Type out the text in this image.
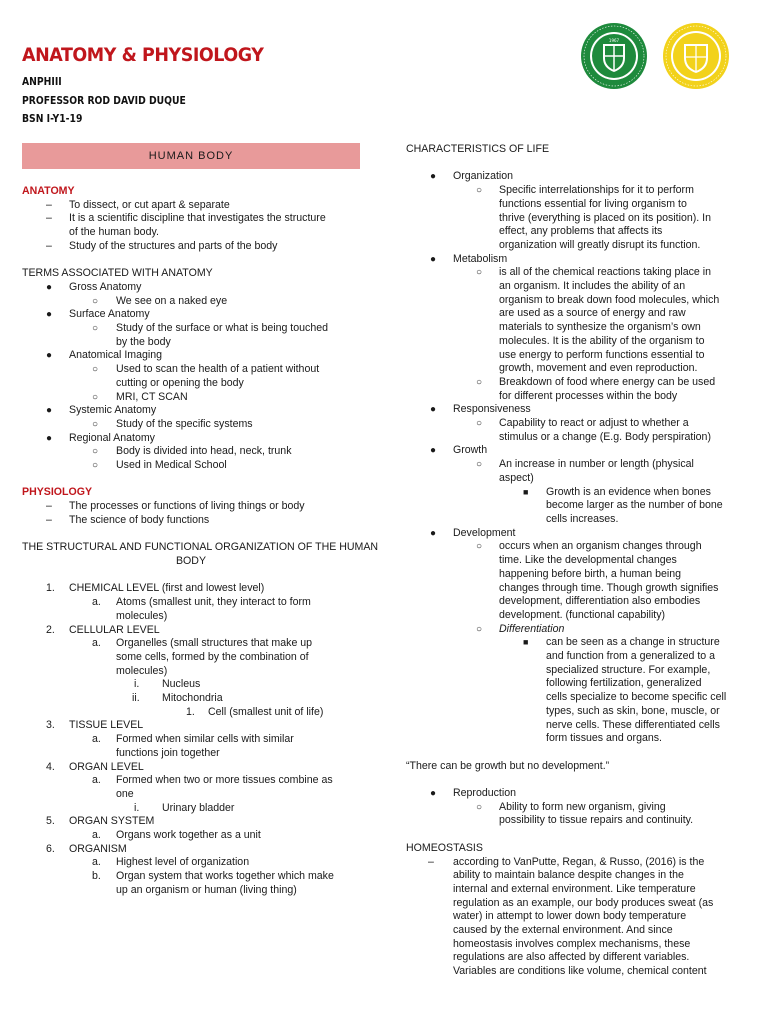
ANATOMY & PHYSIOLOGY
ANPHIII
PROFESSOR ROD DAVID DUQUE
BSN I-Y1-19
1967
HUMAN BODY

ANATOMY

– To dissect, or cut apart & separate

– It is a scientific discipline that investigates the structure

of the human body.

– Study of the structures and parts of the body

TERMS ASSOCIATED WITH ANATOMY

● Gross Anatomy

○ We see on a naked eye

● Surface Anatomy

○ Study of the surface or what is being touched

by the body

● Anatomical Imaging

○ Used to scan the health of a patient without

cutting or opening the body

○ MRI, CT SCAN

● Systemic Anatomy

○ Study of the specific systems

● Regional Anatomy

○ Body is divided into head, neck, trunk

○ Used in Medical School

PHYSIOLOGY

– The processes or functions of living things or body

– The science of body functions

THE STRUCTURAL AND FUNCTIONAL ORGANIZATION OF THE HUMAN

BODY

1. CHEMICAL LEVEL (first and lowest level)

a. Atoms (smallest unit, they interact to form

molecules)

2. CELLULAR LEVEL

a. Organelles (small structures that make up

some cells, formed by the combination of

molecules)

i. Nucleus

ii. Mitochondria

1. Cell (smallest unit of life)

3. TISSUE LEVEL

a. Formed when similar cells with similar

functions join together

4. ORGAN LEVEL

a. Formed when two or more tissues combine as

one

i. Urinary bladder

5. ORGAN SYSTEM

a. Organs work together as a unit

6. ORGANISM

a. Highest level of organization

b. Organ system that works together which make

up an organism or human (living thing)

CHARACTERISTICS OF LIFE

● Organization

○ Specific interrelationships for it to perform

functions essential for living organism to

thrive (everything is placed on its position). In

effect, any problems that affects its

organization will greatly disrupt its function.

● Metabolism

○ is all of the chemical reactions taking place in

an organism. It includes the ability of an

organism to break down food molecules, which

are used as a source of energy and raw

materials to synthesize the organism’s own

molecules. It is the ability of the organism to

use energy to perform functions essential to

growth, movement and even reproduction.

○ Breakdown of food where energy can be used

for different processes within the body

● Responsiveness

○ Capability to react or adjust to whether a

stimulus or a change (E.g. Body perspiration)

● Growth

○ An increase in number or length (physical

aspect)

■ Growth is an evidence when bones

become larger as the number of bone

cells increases.

● Development

○ occurs when an organism changes through

time. Like the developmental changes

happening before birth, a human being

changes through time. Though growth signifies

development, differentiation also embodies

development. (functional capability)

○ Differentiation

■ can be seen as a change in structure

and function from a generalized to a

specialized structure. For example,

following fertilization, generalized

cells specialize to become specific cell

types, such as skin, bone, muscle, or

nerve cells. These differentiated cells

form tissues and organs.

“There can be growth but no development.”

● Reproduction

○ Ability to form new organism, giving

possibility to tissue repairs and continuity.

HOMEOSTASIS

– according to VanPutte, Regan, & Russo, (2016) is the

ability to maintain balance despite changes in the

internal and external environment. Like temperature

regulation as an example, our body produces sweat (as

water) in attempt to lower down body temperature

caused by the external environment. And since

homeostasis involves complex mechanisms, these

regulations are also affected by different variables.

Variables are conditions like volume, chemical content
